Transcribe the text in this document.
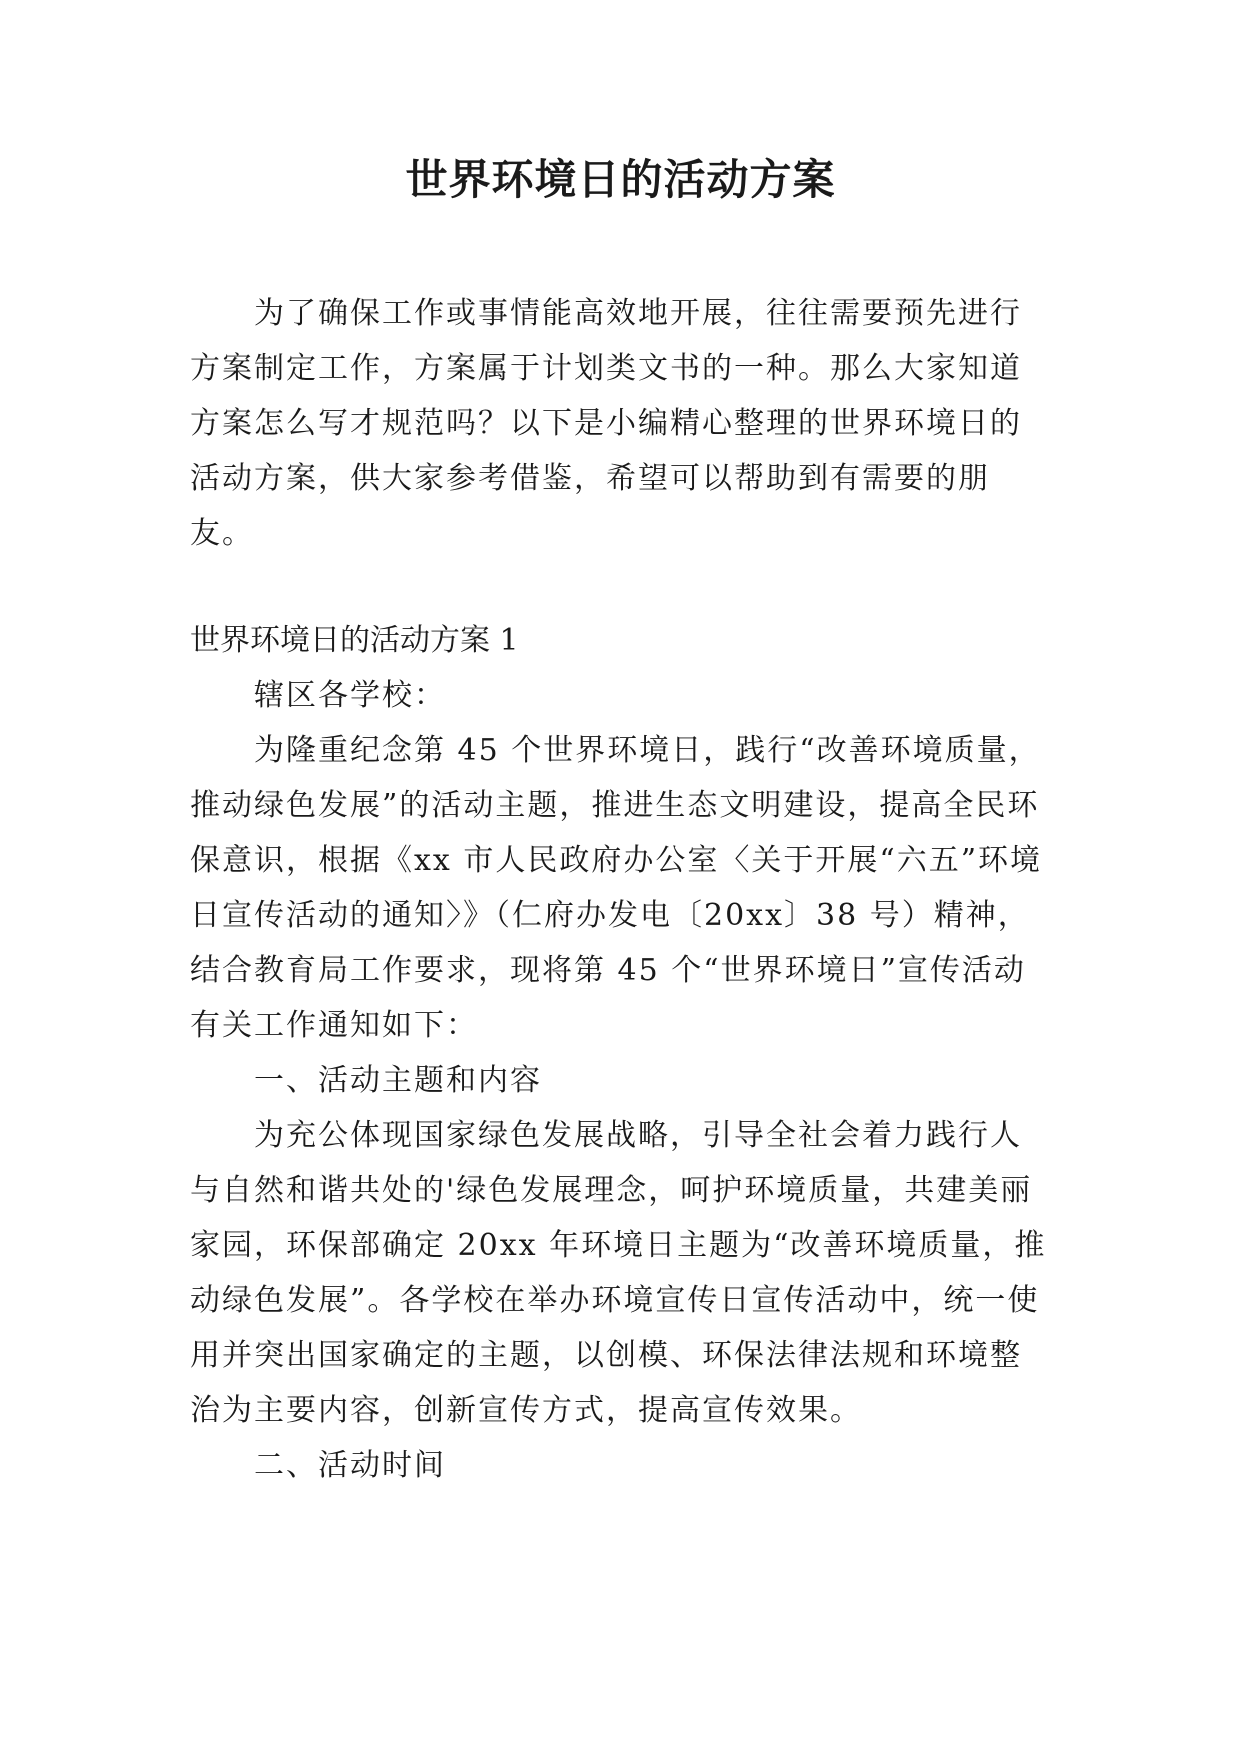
世界环境日的活动方案

为了确保工作或事情能高效地开展，往往需要预先进行方案制定工作，方案属于计划类文书的一种。那么大家知道方案怎么写才规范吗？以下是小编精心整理的世界环境日的活动方案，供大家参考借鉴，希望可以帮助到有需要的朋友。

世界环境日的活动方案 1

辖区各学校：

为隆重纪念第 45 个世界环境日，践行“改善环境质量，推动绿色发展”的活动主题，推进生态文明建设，提高全民环保意识，根据《xx 市人民政府办公室〈关于开展“六五”环境日宣传活动的通知〉》（仁府办发电〔20xx〕38 号）精神，结合教育局工作要求，现将第 45 个“世界环境日”宣传活动有关工作通知如下：

一、活动主题和内容

为充公体现国家绿色发展战略，引导全社会着力践行人与自然和谐共处的'绿色发展理念，呵护环境质量，共建美丽家园，环保部确定 20xx 年环境日主题为“改善环境质量，推动绿色发展”。各学校在举办环境宣传日宣传活动中，统一使用并突出国家确定的主题，以创模、环保法律法规和环境整治为主要内容，创新宣传方式，提高宣传效果。

二、活动时间
